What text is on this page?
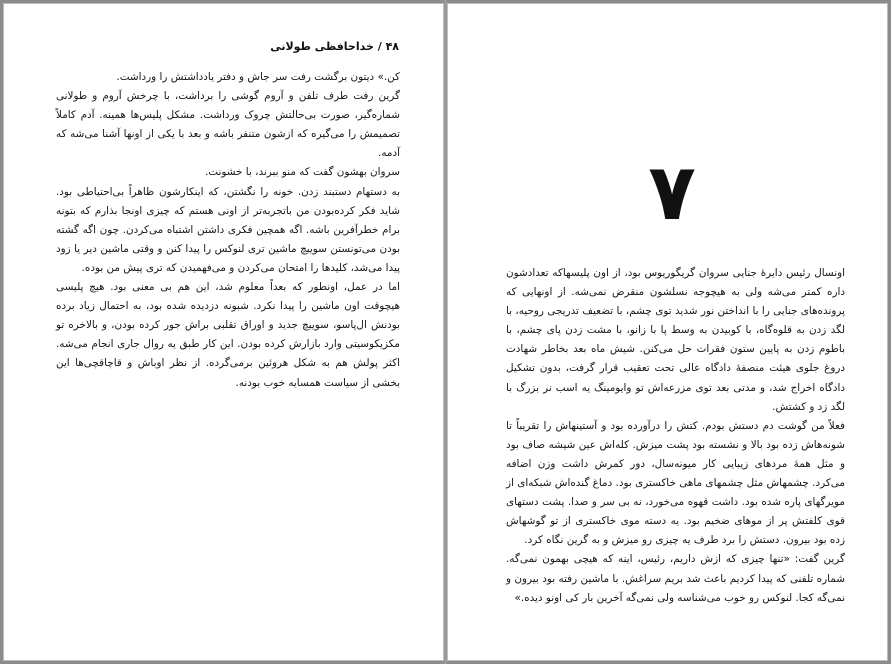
۴۸ / خداحافظی طولانی

کن.» دیتون برگشت رفت سر جاش و دفتر یادداشتش را ورداشت.

گرین رفت طرف تلفن و آروم گوشی را برداشت، با چرخش آروم و طولانی شماره‌گیر، صورت بی‌حالتش چروک ورداشت. مشکل پلیس‌ها همینه. آدم کاملاً تصمیمش را می‌گیره که ازشون متنفر باشه و بعد با یکی از اونها آشنا می‌شه که آدمه.

سروان بهشون گفت که منو ببرند، با خشونت.

به دستهام دستبند زدن. خونه را نگشتن، که اینکارشون ظاهراً بی‌احتیاطی بود. شاید فکر کرده‌بودن من باتجربه‌تر از اونی هستم که چیزی اونجا بذارم که بتونه برام خطرآفرین باشه. اگه همچین فکری داشتن اشتباه می‌کردن. چون اگه گشته بودن می‌تونستن سوییچ ماشین تری لنوکس را پیدا کنن و وقتی ماشین دیر یا زود پیدا می‌شد، کلیدها را امتحان می‌کردن و می‌فهمیدن که تری پیش من بوده.

اما در عمل، اونطور که بعداً معلوم شد، این هم بی معنی بود. هیچ پلیسی هیچوقت اون ماشین را پیدا نکرد. شبونه دزدیده شده بود، به احتمال زیاد برده بودنش ال‌پاسو، سوییچ جدید و اوراق تقلبی براش جور کرده بودن، و بالاخره تو مکزیکوسیتی وارد بازارش کرده بودن. این کار طبق یه روال جاری انجام می‌شه. اکثر پولش هم به شکل هروئین برمی‌گرده. از نظر اوباش و قاچاقچی‌ها این بخشی از سیاست همسایه خوب بودنه.

۷

اونسال رئیس دایرهٔ جنایی سروان گریگوریوس بود، از اون پلیسهاکه تعدادشون داره کمتر می‌شه ولی به هیچوجه نسلشون منقرض نمی‌شه. از اونهایی که پرونده‌های جنایی را با انداختن نور شدید توی چشم، با تضعیف تدریجی روحیه، با لگد زدن به قلوه‌گاه، با کوبیدن به وسط پا با زانو، با مشت زدن پای چشم، با باطوم زدن به پایین ستون فقرات حل می‌کنن. شیش ماه بعد بخاطر شهادت دروغ جلوی هیئت منصفهٔ دادگاه عالی تحت تعقیب قرار گرفت، بدون تشکیل دادگاه اخراج شد، و مدتی بعد توی مزرعه‌اش تو وایومینگ یه اسب نر بزرگ با لگد زد و کشتش.

فعلاً من گوشت دم دستش بودم. کتش را درآورده بود و آستینهاش را تقریباً تا شونه‌هاش زده بود بالا و نشسته بود پشت میزش. کله‌اش عین شیشه صاف بود و مثل همهٔ مردهای زیبایی کار میونه‌سال، دور کمرش داشت وزن اضافه می‌کرد. چشمهاش مثل چشمهای ماهی خاکستری بود. دماغ گنده‌اش شبکه‌ای از مویرگهای پاره شده بود. داشت قهوه می‌خورد، نه بی سر و صدا. پشت دستهای قوی کلفتش پر از موهای ضخیم بود. یه دسته موی خاکستری از تو گوشهاش زده بود بیرون. دستش را برد طرف یه چیزی رو میزش و به گرین نگاه کرد.

گرین گفت: «تنها چیزی که ازش داریم، رئیس، اینه که هیچی بهمون نمی‌گه. شماره تلفنی که پیدا کردیم باعث شد بریم سراغش. با ماشین رفته بود بیرون و نمی‌گه کجا. لنوکس رو خوب می‌شناسه ولی نمی‌گه آخرین بار کی اونو دیده.»
